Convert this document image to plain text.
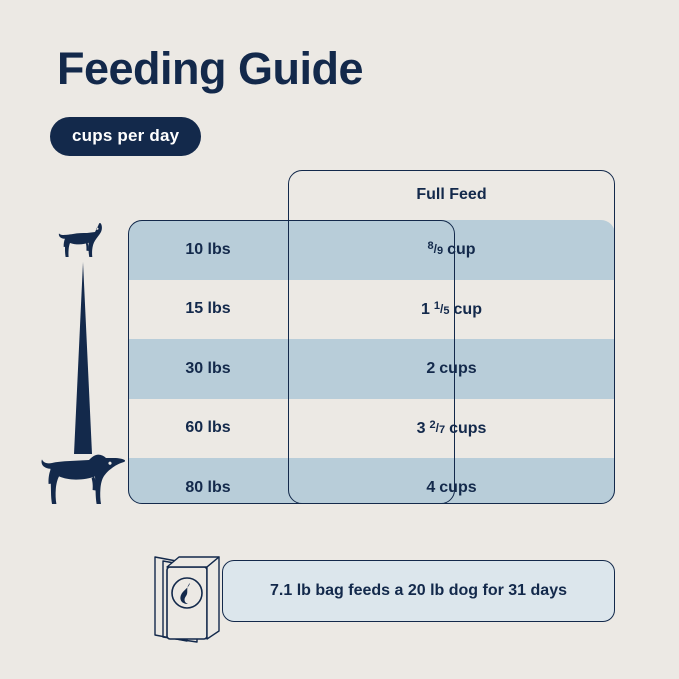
Feeding Guide
cups per day
10 lbs	8/9 cup
15 lbs	1 1/5 cup
30 lbs	2 cups
60 lbs	3 2/7 cups
80 lbs	4 cups
Full Feed
7.1 lb bag feeds a 20 lb dog for 31 days
